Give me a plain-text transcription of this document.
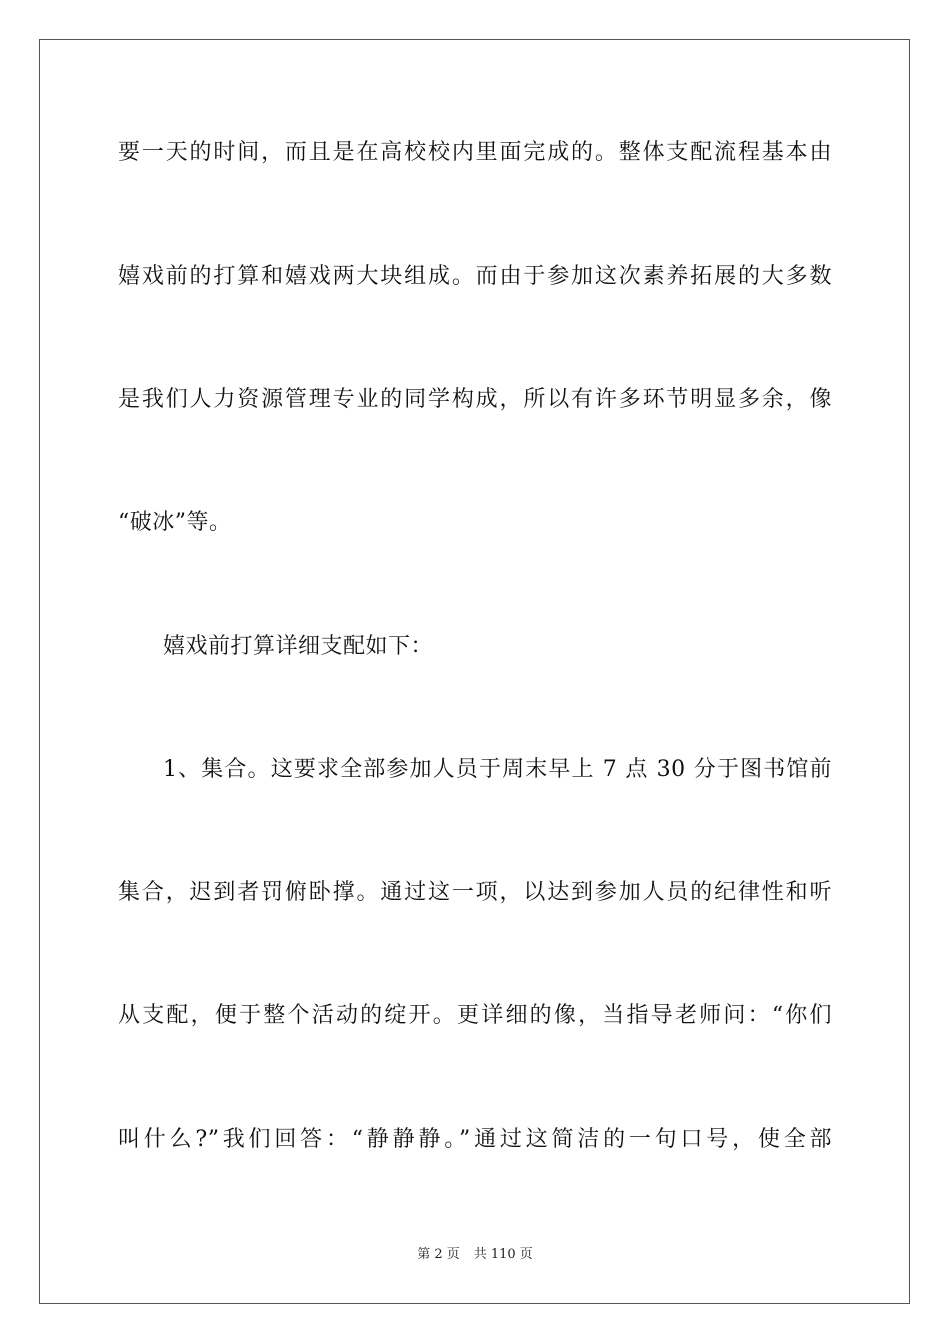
要一天的时间，而且是在高校校内里面完成的。整体支配流程基本由
嬉戏前的打算和嬉戏两大块组成。而由于参加这次素养拓展的大多数
是我们人力资源管理专业的同学构成，所以有许多环节明显多余，像
“破冰”等。
嬉戏前打算详细支配如下：
1、集合。这要求全部参加人员于周末早上 7 点 30 分于图书馆前
集合，迟到者罚俯卧撑。通过这一项，以达到参加人员的纪律性和听
从支配，便于整个活动的绽开。更详细的像，当指导老师问：“你们
叫什么?”我们回答：“静静静。”通过这简洁的一句口号，使全部
第 2 页 共 110 页
